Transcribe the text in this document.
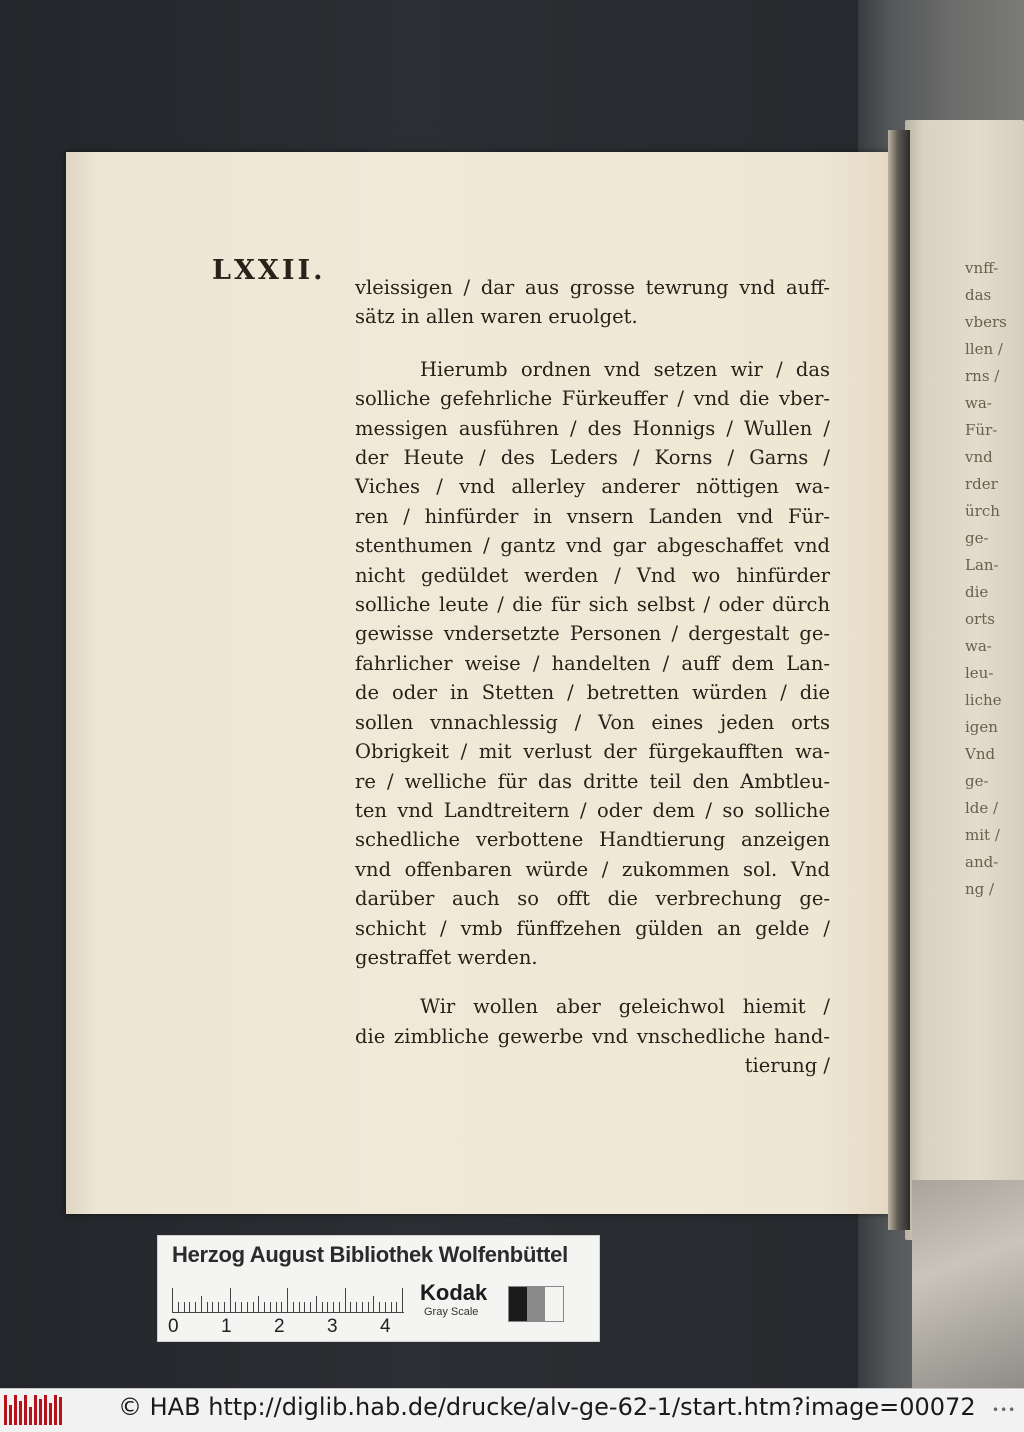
vnff-
das
vbers
llen /
rns /
wa-
Für-
vnd
rder
ürch
ge-
Lan-
die
orts
wa-
leu-
liche
igen
Vnd
ge-
lde /
mit /
and-
ng /
LXXII.
vleissigen / dar aus grosse tewrung vnd auff-
sätz in allen waren eruolget.
Hierumb ordnen vnd setzen wir / das
solliche gefehrliche Fürkeuffer / vnd die vber-
messigen ausführen / des Honnigs / Wullen /
der Heute / des Leders / Korns / Garns /
Viches / vnd allerley anderer nöttigen wa-
ren / hinfürder in vnsern Landen vnd Für-
stenthumen / gantz vnd gar abgeschaffet vnd
nicht gedüldet werden / Vnd wo hinfürder
solliche leute / die für sich selbst / oder dürch
gewisse vndersetzte Personen / dergestalt ge-
fahrlicher weise / handelten / auff dem Lan-
de oder in Stetten / betretten würden / die
sollen vnnachlessig / Von eines jeden orts
Obrigkeit / mit verlust der fürgekaufften wa-
re / welliche für das dritte teil den Ambtleu-
ten vnd Landtreitern / oder dem / so solliche
schedliche verbottene Handtierung anzeigen
vnd offenbaren würde / zukommen sol. Vnd
darüber auch so offt die verbrechung ge-
schicht / vmb fünffzehen gülden an gelde /
gestraffet werden.
Wir wollen aber geleichwol hiemit /
die zimbliche gewerbe vnd vnschedliche hand-
tierung /
Herzog August Bibliothek Wolfenbüttel
0 1 2 3 4
Kodak
Gray Scale
© HAB http://diglib.hab.de/drucke/alv-ge-62-1/start.htm?image=00072 •••
